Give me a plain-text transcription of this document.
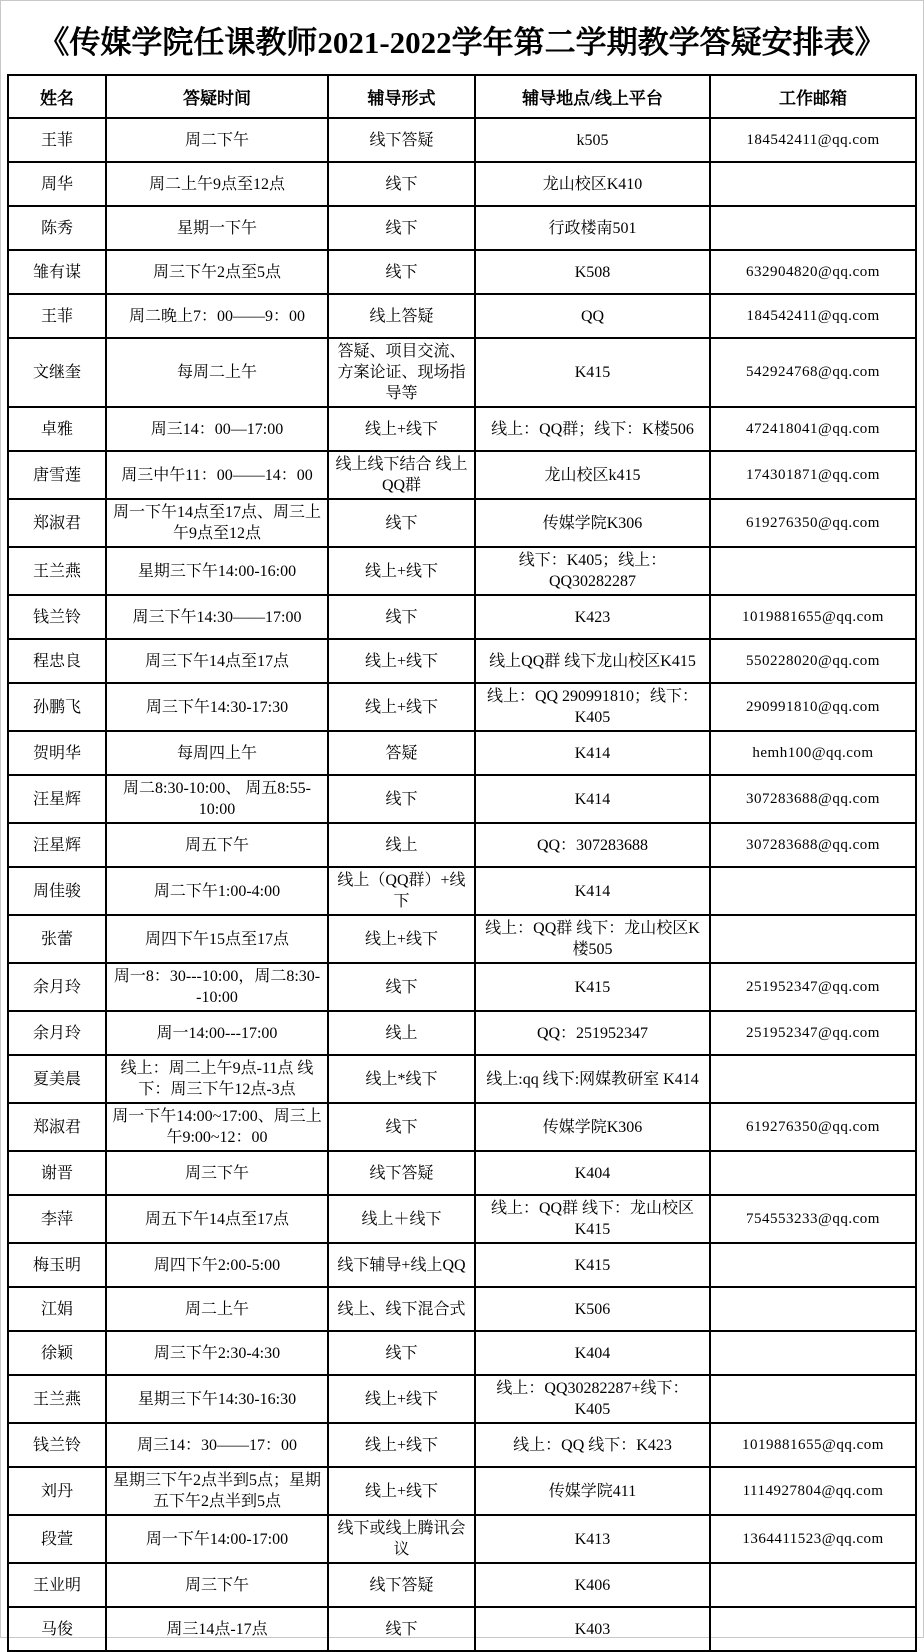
《传媒学院任课教师2021-2022学年第二学期教学答疑安排表》
姓名	答疑时间	辅导形式	辅导地点/线上平台	工作邮箱
王菲	周二下午	线下答疑	k505	184542411@qq.com
周华	周二上午9点至12点	线下	龙山校区K410	
陈秀	星期一下午	线下	行政楼南501	
雏有谋	周三下午2点至5点	线下	K508	632904820@qq.com
王菲	周二晚上7：00——9：00	线上答疑	QQ	184542411@qq.com
文继奎	每周二上午	答疑、项目交流、方案论证、现场指导等	K415	542924768@qq.com
卓雅	周三14：00—17:00	线上+线下	线上：QQ群；线下：K楼506	472418041@qq.com
唐雪莲	周三中午11：00——14：00	线上线下结合 线上QQ群	龙山校区k415	174301871@qq.com
郑淑君	周一下午14点至17点、周三上午9点至12点	线下	传媒学院K306	619276350@qq.com
王兰燕	星期三下午14:00-16:00	线上+线下	线下：K405；线上：QQ30282287	
钱兰铃	周三下午14:30——17:00	线下	K423	1019881655@qq.com
程忠良	周三下午14点至17点	线上+线下	线上QQ群 线下龙山校区K415	550228020@qq.com
孙鹏飞	周三下午14:30-17:30	线上+线下	线上：QQ 290991810；线下：K405	290991810@qq.com
贺明华	每周四上午	答疑	K414	hemh100@qq.com
汪星辉	周二8:30-10:00、 周五8:55-10:00	线下	K414	307283688@qq.com
汪星辉	周五下午	线上	QQ：307283688	307283688@qq.com
周佳骏	周二下午1:00-4:00	线上（QQ群）+线下	K414	
张蕾	周四下午15点至17点	线上+线下	线上：QQ群 线下：龙山校区K楼505	
余月玲	周一8：30---10:00，周二8:30--10:00	线下	K415	251952347@qq.com
余月玲	周一14:00---17:00	线上	QQ：251952347	251952347@qq.com
夏美晨	线上：周二上午9点-11点 线下：周三下午12点-3点	线上*线下	线上:qq 线下:网媒教研室 K414	
郑淑君	周一下午14:00~17:00、周三上午9:00~12：00	线下	传媒学院K306	619276350@qq.com
谢晋	周三下午	线下答疑	K404	
李萍	周五下午14点至17点	线上＋线下	线上：QQ群 线下：龙山校区K415	754553233@qq.com
梅玉明	周四下午2:00-5:00	线下辅导+线上QQ	K415	
江娟	周二上午	线上、线下混合式	K506	
徐颖	周三下午2:30-4:30	线下	K404	
王兰燕	星期三下午14:30-16:30	线上+线下	线上：QQ30282287+线下：K405	
钱兰铃	周三14：30——17：00	线上+线下	线上：QQ 线下：K423	1019881655@qq.com
刘丹	星期三下午2点半到5点；星期五下午2点半到5点	线上+线下	传媒学院411	1114927804@qq.com
段萱	周一下午14:00-17:00	线下或线上腾讯会议	K413	1364411523@qq.com
王业明	周三下午	线下答疑	K406	
马俊	周三14点-17点	线下	K403	
